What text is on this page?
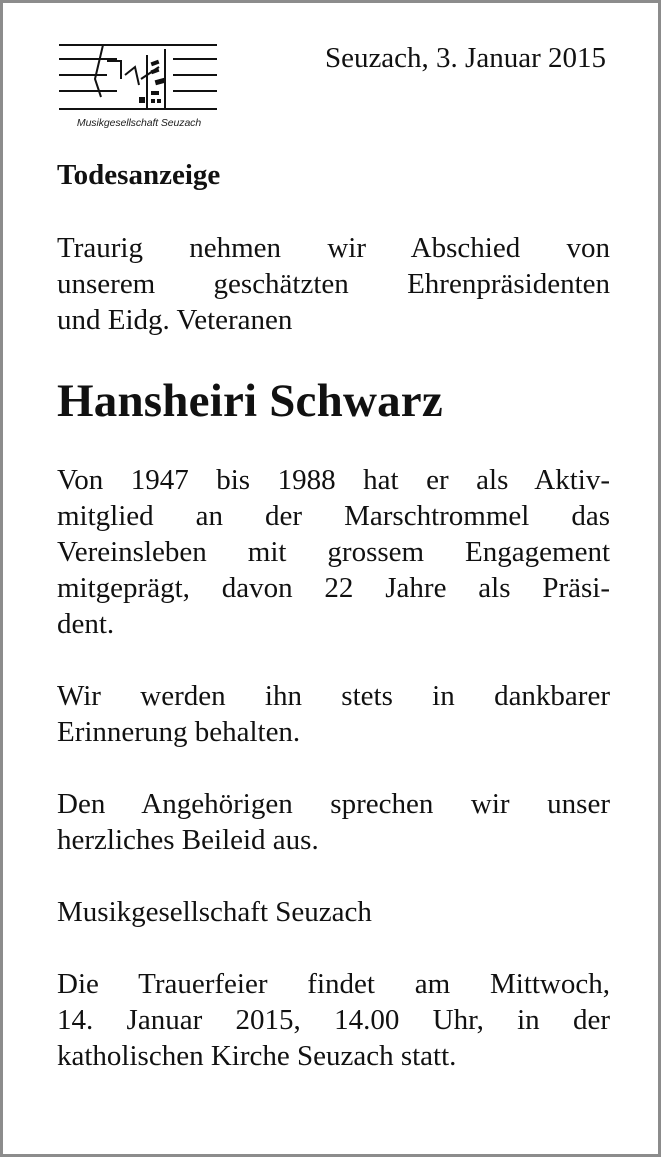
Musikgesellschaft Seuzach
Seuzach, 3. Januar 2015
Todesanzeige
Traurig nehmen wir Abschied von
unserem geschätzten Ehrenpräsidenten
und Eidg. Veteranen
Hansheiri Schwarz
Von 1947 bis 1988 hat er als Aktiv-
mitglied an der Marschtrommel das
Vereinsleben mit grossem Engagement
mitgeprägt, davon 22 Jahre als Präsi-
dent.
Wir werden ihn stets in dankbarer
Erinnerung behalten.
Den Angehörigen sprechen wir unser
herzliches Beileid aus.
Musikgesellschaft Seuzach
Die Trauerfeier findet am Mittwoch,
14. Januar 2015, 14.00 Uhr, in der
katholischen Kirche Seuzach statt.
